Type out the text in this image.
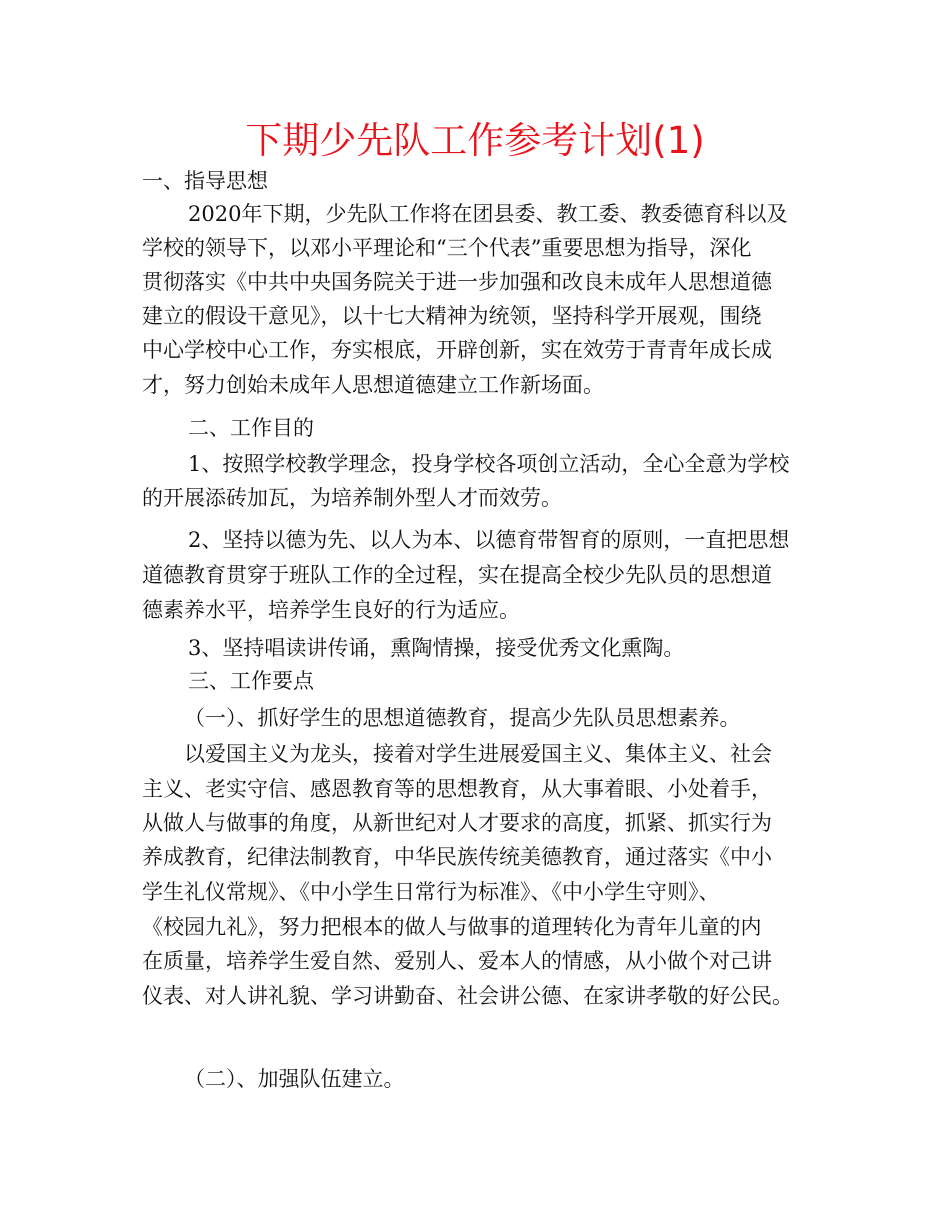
下期少先队工作参考计划(1)

一、指导思想

2020年下期，少先队工作将在团县委、教工委、教委德育科以及

学校的领导下，以邓小平理论和“三个代表”重要思想为指导，深化

贯彻落实《中共中央国务院关于进一步加强和改良未成年人思想道德

建立的假设干意见》，以十七大精神为统领，坚持科学开展观，围绕

中心学校中心工作，夯实根底，开辟创新，实在效劳于青青年成长成

才，努力创始未成年人思想道德建立工作新场面。

二、工作目的

1、按照学校教学理念，投身学校各项创立活动，全心全意为学校

的开展添砖加瓦，为培养制外型人才而效劳。

2、坚持以德为先、以人为本、以德育带智育的原则，一直把思想

道德教育贯穿于班队工作的全过程，实在提高全校少先队员的思想道

德素养水平，培养学生良好的行为适应。

3、坚持唱读讲传诵，熏陶情操，接受优秀文化熏陶。

三、工作要点

（一）、抓好学生的思想道德教育，提高少先队员思想素养。

以爱国主义为龙头，接着对学生进展爱国主义、集体主义、社会

主义、老实守信、感恩教育等的思想教育，从大事着眼、小处着手，

从做人与做事的角度，从新世纪对人才要求的高度，抓紧、抓实行为

养成教育，纪律法制教育，中华民族传统美德教育，通过落实《中小

学生礼仪常规》、《中小学生日常行为标准》、《中小学生守则》、

《校园九礼》，努力把根本的做人与做事的道理转化为青年儿童的内

在质量，培养学生爱自然、爱别人、爱本人的情感，从小做个对己讲

仪表、对人讲礼貌、学习讲勤奋、社会讲公德、在家讲孝敬的好公民。

（二）、加强队伍建立。
